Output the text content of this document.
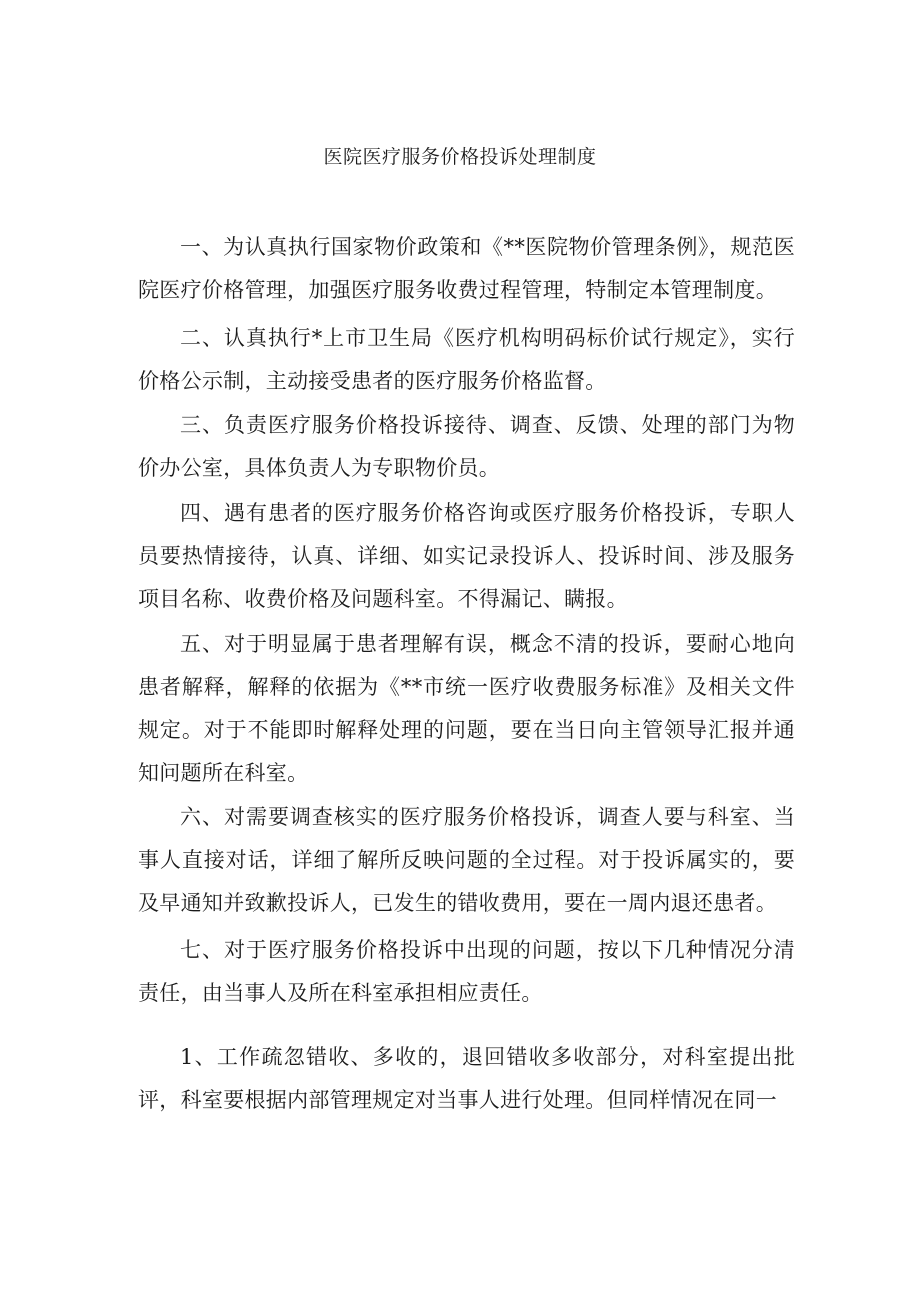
医院医疗服务价格投诉处理制度

一、为认真执行国家物价政策和《**医院物价管理条例》，规范医院医疗价格管理，加强医疗服务收费过程管理，特制定本管理制度。

二、认真执行*上市卫生局《医疗机构明码标价试行规定》，实行价格公示制，主动接受患者的医疗服务价格监督。

三、负责医疗服务价格投诉接待、调查、反馈、处理的部门为物价办公室，具体负责人为专职物价员。

四、遇有患者的医疗服务价格咨询或医疗服务价格投诉，专职人员要热情接待，认真、详细、如实记录投诉人、投诉时间、涉及服务项目名称、收费价格及问题科室。不得漏记、瞒报。

五、对于明显属于患者理解有误，概念不清的投诉，要耐心地向患者解释，解释的依据为《**市统一医疗收费服务标准》及相关文件规定。对于不能即时解释处理的问题，要在当日向主管领导汇报并通知问题所在科室。

六、对需要调查核实的医疗服务价格投诉，调查人要与科室、当事人直接对话，详细了解所反映问题的全过程。对于投诉属实的，要及早通知并致歉投诉人，已发生的错收费用，要在一周内退还患者。

七、对于医疗服务价格投诉中出现的问题，按以下几种情况分清责任，由当事人及所在科室承担相应责任。

1、工作疏忽错收、多收的，退回错收多收部分，对科室提出批评，科室要根据内部管理规定对当事人进行处理。但同样情况在同一
